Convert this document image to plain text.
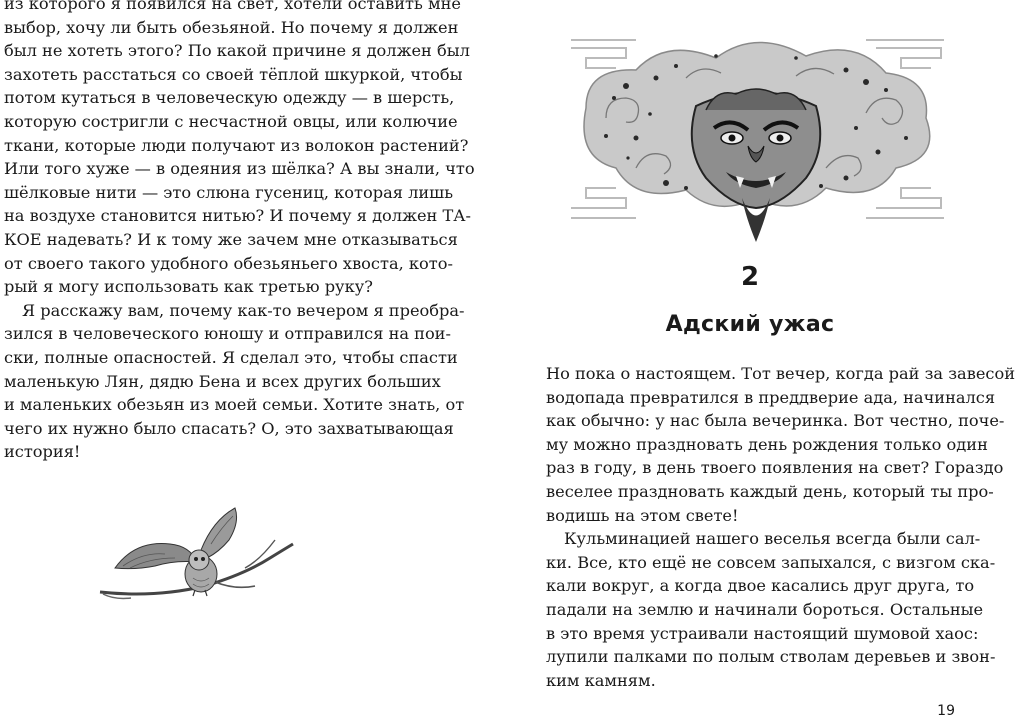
из которого я появился на свет, хотели оставить мне
выбор, хочу ли быть обезьяной. Но почему я должен
был не хотеть этого? По какой причине я должен был
захотеть расстаться со своей тёплой шкуркой, чтобы
потом кутаться в человеческую одежду — в шерсть,
которую состригли с несчастной овцы, или колючие
ткани, которые люди получают из волокон растений?
Или того хуже — в одеяния из шёлка? А вы знали, что
шёлковые нити — это слюна гусениц, которая лишь
на воздухе становится нитью? И почему я должен ТА-
КОЕ надевать? И к тому же зачем мне отказываться
от своего такого удобного обезьяньего хвоста, кото-
рый я могу использовать как третью руку?
Я расскажу вам, почему как-то вечером я преобра-
зился в человеческого юношу и отправился на пои-
ски, полные опасностей. Я сделал это, чтобы спасти
маленькую Лян, дядю Бена и всех других больших
и маленьких обезьян из моей семьи. Хотите знать, от
чего их нужно было спасать? О, это захватывающая
история!
2
Адский ужас
Но пока о настоящем. Тот вечер, когда рай за завесой
водопада превратился в преддверие ада, начинался
как обычно: у нас была вечеринка. Вот честно, поче-
му можно праздновать день рождения только один
раз в году, в день твоего появления на свет? Гораздо
веселее праздновать каждый день, который ты про-
водишь на этом свете!
Кульминацией нашего веселья всегда были сал-
ки. Все, кто ещё не совсем запыхался, с визгом ска-
кали вокруг, а когда двое касались друг друга, то
падали на землю и начинали бороться. Остальные
в это время устраивали настоящий шумовой хаос:
лупили палками по полым стволам деревьев и звон-
ким камням.
19
